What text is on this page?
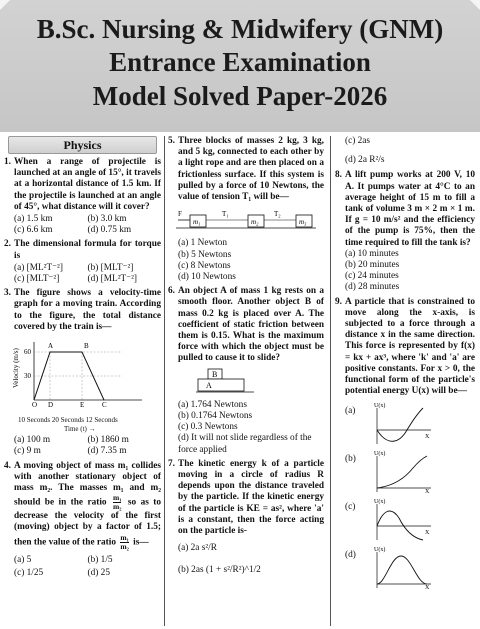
B.Sc. Nursing & Midwifery (GNM)
Entrance Examination
Model Solved Paper-2026
Physics
1. When a range of projectile is launched at an angle of 15°, it travels at a horizontal distance of 1.5 km. If the projectile is launched at an angle of 45°, what distance will it cover?
(a) 1.5 km	(b) 3.0 km
(c) 6.6 km	(d) 0.75 km
2. The dimensional formula for torque is
(a) [ML²T⁻²]	(b) [MLT⁻²]
(c) [MLT⁻²]	(d) [ML²T⁻²]
3. The figure shows a velocity-time graph for a moving train. According to the figure, the total distance covered by the train is—
Velocity (m/s) 60
30
A	B
O D	E	C
10 Seconds 20 Seconds 12 Seconds
Time (t) →
(a) 100 m	(b) 1860 m
(c) 9 m	(d) 7.35 m
4. A moving object of mass m₁ collides with another stationary object of mass m₂. The masses m₁ and m₂ should be in the ratio $\frac{\text{m₁}}{\text{m₂}}$ so as to decrease the velocity of the first (moving) object by a factor of 1.5; then the value of the ratio $\frac{\text{m₁}}{\text{m₂}}$ is—
(a) 5	(b) 1/5
(c) 1/25	(d) 25
5. Three blocks of masses 2 kg, 3 kg, and 5 kg, connected to each other by a light rope and are then placed on a frictionless surface. If this system is pulled by a force of 10 Newtons, the value of tension T₁ will be—
F
m₁
T₁
m₂
T₂
m₃
(a) 1 Newton
(b) 5 Newtons
(c) 8 Newtons
(d) 10 Newtons
6. An object A of mass 1 kg rests on a smooth floor. Another object B of mass 0.2 kg is placed over A. The coefficient of static friction between them is 0.15. What is the maximum force with which the object must be pulled to cause it to slide?
B
A
(a) 1.764 Newtons
(b) 0.1764 Newtons
(c) 0.3 Newtons
(d) It will not slide regardless of the force applied
7. The kinetic energy k of a particle moving in a circle of radius R depends upon the distance traveled by the particle. If the kinetic energy of the particle is KE = as², where 'a' is a constant, then the force acting on the particle is-
(a) 2a s²/R
(b) 2as (1 + s²/R²)^1/2
(c) 2as
(d) 2a R²/s
8. A lift pump works at 200 V, 10 A. It pumps water at 4°C to an average height of 15 m to fill a tank of volume 3 m × 2 m × 1 m. If g = 10 m/s² and the efficiency of the pump is 75%, then the time required to fill the tank is?
(a) 10 minutes
(b) 20 minutes
(c) 24 minutes
(d) 28 minutes
9. A particle that is constrained to move along the x-axis, is subjected to a force through a distance x in the same direction. This force is represented by f(x) = kx + ax³, where 'k' and 'a' are positive constants. For x > 0, the functional form of the particle's potential energy U(x) will be—
(a)	U(x)
X
(b)	U(x)
X
(c)	U(x)
X
(d)	U(x)
X
